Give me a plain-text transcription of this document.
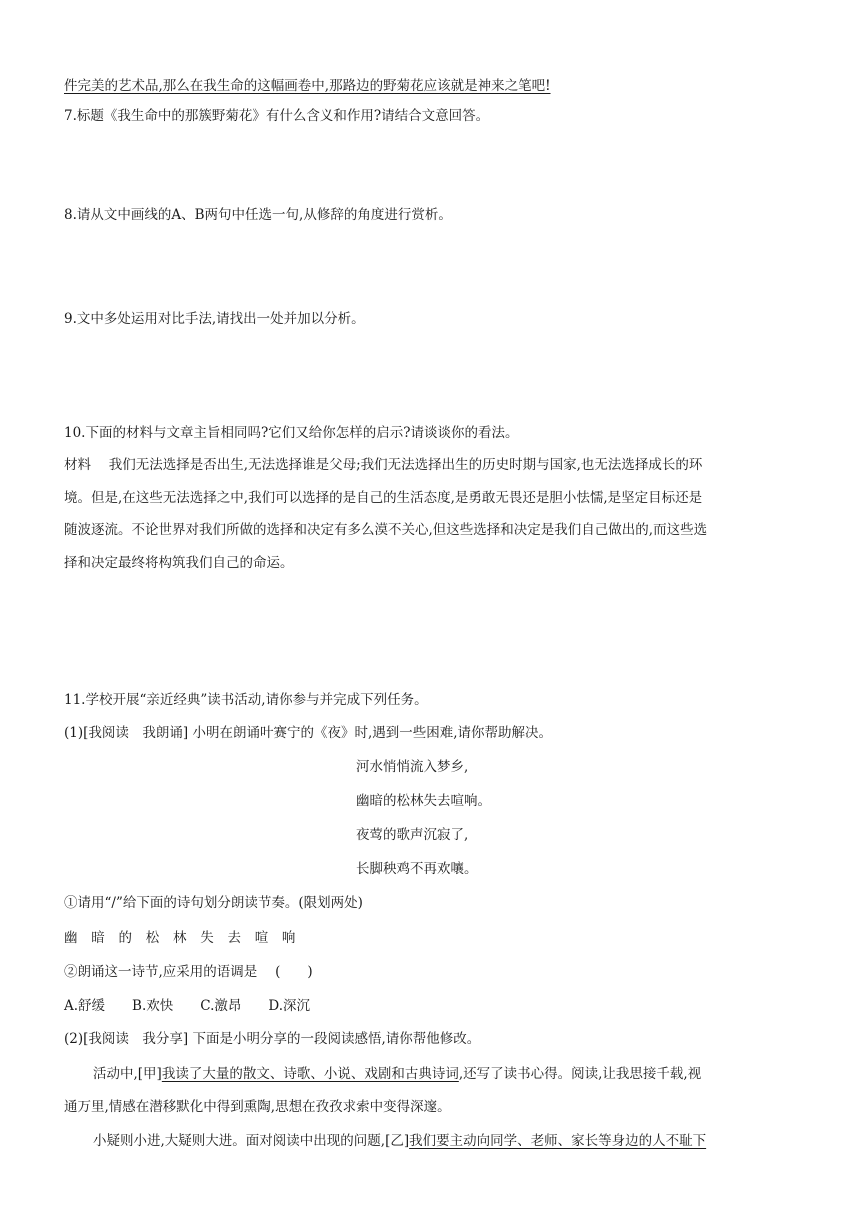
件完美的艺术品,那么在我生命的这幅画卷中,那路边的野菊花应该就是神来之笔吧!
7.标题《我生命中的那簇野菊花》有什么含义和作用?请结合文意回答。
8.请从文中画线的A、B两句中任选一句,从修辞的角度进行赏析。
9.文中多处运用对比手法,请找出一处并加以分析。
10.下面的材料与文章主旨相同吗?它们又给你怎样的启示?请谈谈你的看法。
材料　 我们无法选择是否出生,无法选择谁是父母;我们无法选择出生的历史时期与国家,也无法选择成长的环
境。但是,在这些无法选择之中,我们可以选择的是自己的生活态度,是勇敢无畏还是胆小怯懦,是坚定目标还是
随波逐流。不论世界对我们所做的选择和决定有多么漠不关心,但这些选择和决定是我们自己做出的,而这些选
择和决定最终将构筑我们自己的命运。
11.学校开展“亲近经典”读书活动,请你参与并完成下列任务。
(1)[我阅读　我朗诵] 小明在朗诵叶赛宁的《夜》时,遇到一些困难,请你帮助解决。
河水悄悄流入梦乡,
幽暗的松林失去喧响。
夜莺的歌声沉寂了,
长脚秧鸡不再欢嚷。
①请用“/”给下面的诗句划分朗读节奏。(限划两处)
幽 暗 的 松 林 失 去 喧 响
②朗诵这一诗节,应采用的语调是　 (　　)
A.舒缓　　B.欢快　　C.激昂　　D.深沉
(2)[我阅读　我分享] 下面是小明分享的一段阅读感悟,请你帮他修改。
活动中,[甲]我读了大量的散文、诗歌、小说、戏剧和古典诗词,还写了读书心得。阅读,让我思接千载,视
通万里,情感在潜移默化中得到熏陶,思想在孜孜求索中变得深邃。
小疑则小进,大疑则大进。面对阅读中出现的问题,[乙]我们要主动向同学、老师、家长等身边的人不耻下
